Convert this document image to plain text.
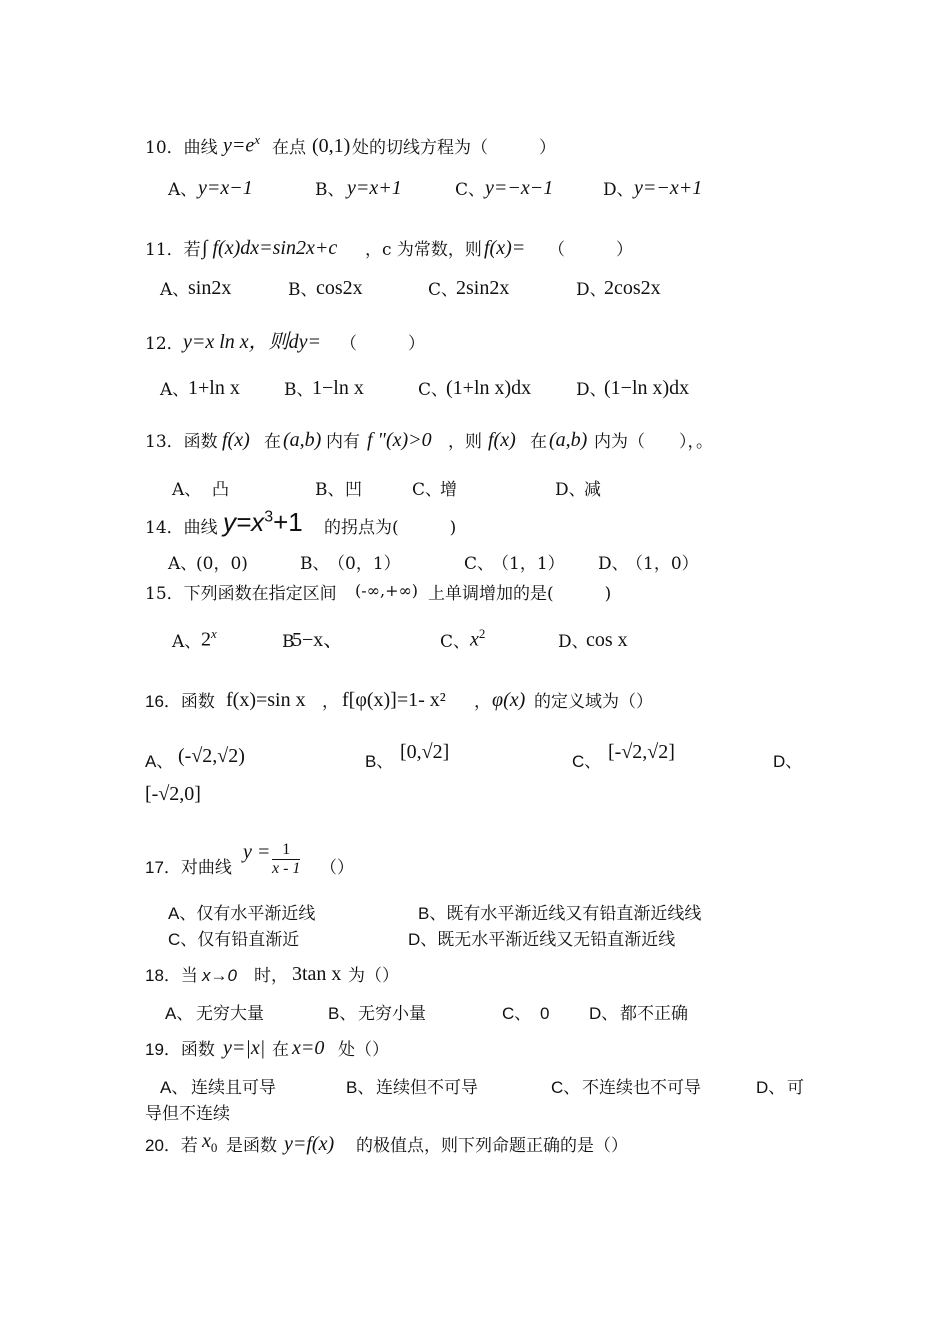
10．曲线 $y=e^x$ 在点 (0,1) 处的切线方程为（　　　）
A、 y=x−1	B、 y=x+1	C、 y=−x−1	D、 y=−x+1
11．若 ∫ f(x)dx=sin2x+c ，c 为常数，则 f(x)= （　　　）
A、
sin2x	B、
cos2x	C、
2sin2x	D、
2cos2x
12． y=x ln x，则dy= （　　　）
A、
1+ln x	B、
1−ln x	C、
(1+ln x)dx	D、
(1−ln x)dx
13．函数 f(x) 在 (a,b) 内有 f "(x)>0 ，则 f(x) 在 (a,b) 内为（　　），。
A、 凸	B、 凹	C、
增	D、
减
14．曲线 $y=x^3+1$ 的拐点为(　　　)
A、
(0，0)	B、
（0，1）	C、
（1，1） D、
（1，0）
15．下列函数在指定区间 (-∞,+∞) 上单调增加的是(　　　)
A、 2$^x$	B
5−x、	C、 $x^2$	D、
cos x
16．函数 f(x)=sin x ， f[φ(x)]=1- x² ， φ(x) 的定义域为（）
A、 (-√2,√2)	B、 [0,√2]	C、 [-√2,√2]	D、
[-√2,0]
17．对曲线
$y = \frac{1}{x - 1}$ （）
A、仅有水平渐近线	B、既有水平渐近线又有铅直渐近线线
C、仅有铅直渐近	D、既无水平渐近线又无铅直渐近线
18．当 x→0 时， 3tan x 为（）
A、 无穷大量	B、 无穷小量	C、 0 D、 都不正确
19．函数 y=|x| 在 x=0 处（）
A、 连续且可导	B、 连续但不可导	C、 不连续也不可导	D、 可
导但不连续
20．若 $x_0$ 是函数 y=f(x) 的极值点，则下列命题正确的是（）
